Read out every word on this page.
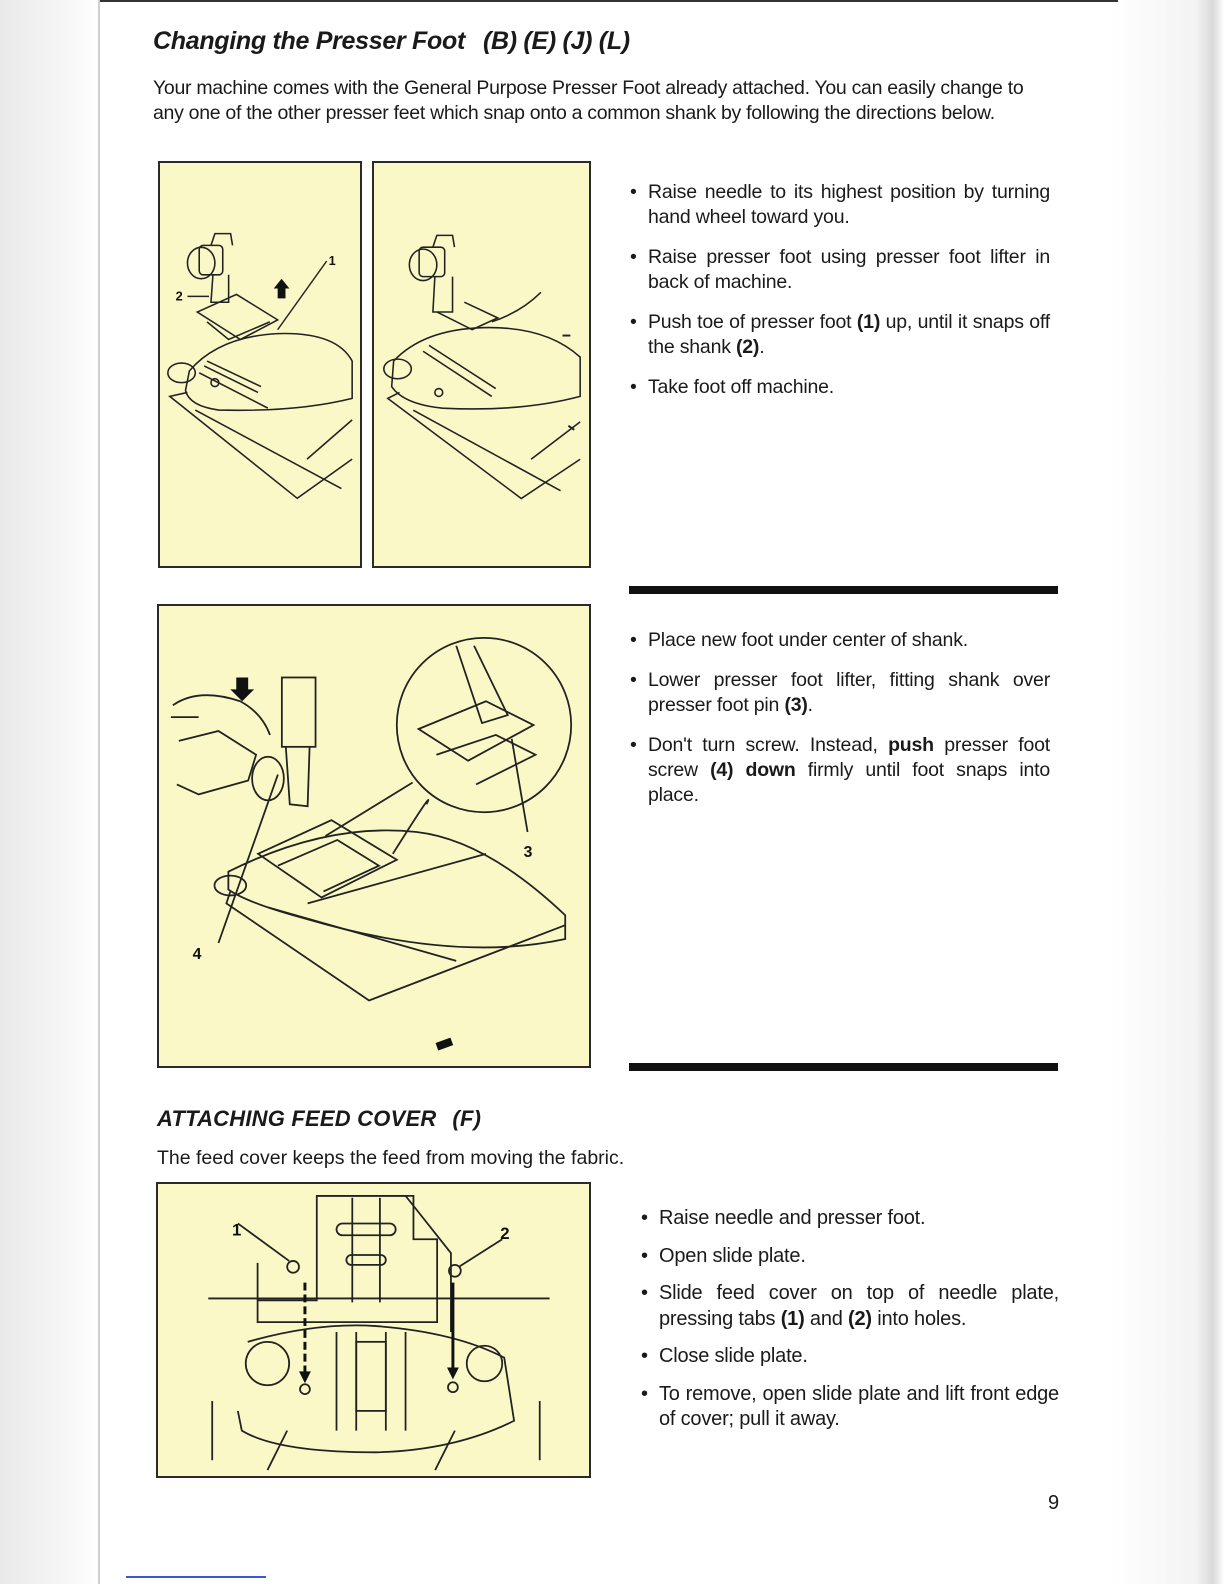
Changing the Presser Foot (B) (E) (J) (L)

Your machine comes with the General Purpose Presser Foot already attached. You can easily change to any one of the other presser feet which snap onto a common shank by following the directions below.

1
2
• Raise needle to its highest position by turning hand wheel toward you.
• Raise presser foot using presser foot lifter in back of machine.
• Push toe of presser foot (1) up, until it snaps off the shank (2).
• Take foot off machine.
3
4
• Place new foot under center of shank.
• Lower presser foot lifter, fitting shank over presser foot pin (3).
• Don't turn screw. Instead, push presser foot screw (4) down firmly until foot snaps into place.
ATTACHING FEED COVER (F)

The feed cover keeps the feed from moving the fabric.

1	2
• Raise needle and presser foot.
• Open slide plate.
• Slide feed cover on top of needle plate, pressing tabs (1) and (2) into holes.
• Close slide plate.
• To remove, open slide plate and lift front edge of cover; pull it away.
9
